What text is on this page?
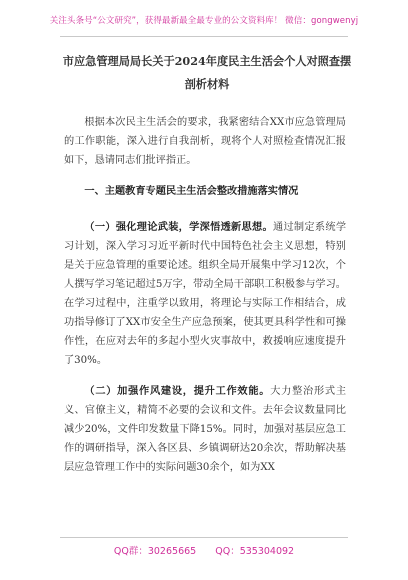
关注头条号“公文研究”，获得最新最全最专业的公文资料库！ 微信：gongwenyj
市应急管理局局长关于2024年度民主生活会个人对照查摆剖析材料

根据本次民主生活会的要求，我紧密结合XX市应急管理局的工作职能，深入进行自我剖析，现将个人对照检查情况汇报如下，恳请同志们批评指正。

一、主题教育专题民主生活会整改措施落实情况

（一）强化理论武装，学深悟透新思想。通过制定系统学习计划，深入学习习近平新时代中国特色社会主义思想，特别是关于应急管理的重要论述。组织全局开展集中学习12次，个人撰写学习笔记超过5万字，带动全局干部职工积极参与学习。在学习过程中，注重学以致用，将理论与实际工作相结合，成功指导修订了XX市安全生产应急预案，使其更具科学性和可操作性，在应对去年的多起小型火灾事故中，救援响应速度提升了30%。

（二）加强作风建设，提升工作效能。大力整治形式主义、官僚主义，精简不必要的会议和文件。去年会议数量同比减少20%，文件印发数量下降15%。同时，加强对基层应急工作的调研指导，深入各区县、乡镇调研达20余次，帮助解决基层应急管理工作中的实际问题30余个，如为XX

QQ群：30265665 QQ：535304092
